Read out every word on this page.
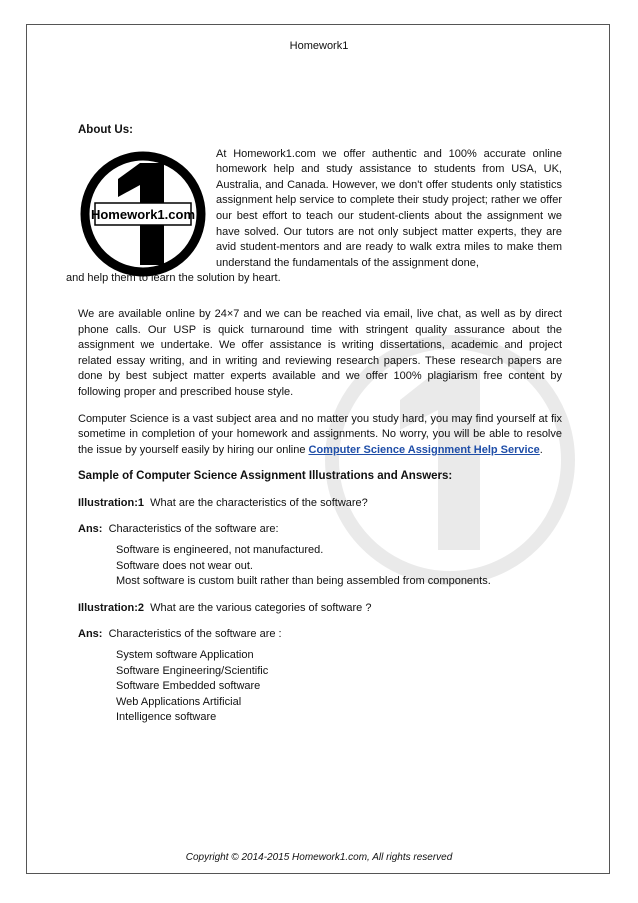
Homework1
About Us:
Homework1.com

At Homework1.com we offer authentic and 100% accurate online homework help and study assistance to students from USA, UK, Australia, and Canada. However, we don't offer students only statistics assignment help service to complete their study project; rather we offer our best effort to teach our student-clients about the assignment we have solved. Our tutors are not only subject matter experts, they are avid student-mentors and are ready to walk extra miles to make them understand the fundamentals of the assignment done,

and help them to learn the solution by heart.

We are available online by 24×7 and we can be reached via email, live chat, as well as by direct phone calls. Our USP is quick turnaround time with stringent quality assurance about the assignment we undertake. We offer assistance is writing dissertations, academic and project related essay writing, and in writing and reviewing research papers. These research papers are done by best subject matter experts available and we offer 100% plagiarism free content by following proper and prescribed house style.

Computer Science is a vast subject area and no matter you study hard, you may find yourself at fix sometime in completion of your homework and assignments. No worry, you will be able to resolve the issue by yourself easily by hiring our online Computer Science Assignment Help Service.

Sample of Computer Science Assignment Illustrations and Answers:

Illustration:1 What are the characteristics of the software?

Ans: Characteristics of the software are:

Software is engineered, not manufactured.
Software does not wear out.
Most software is custom built rather than being assembled from components.

Illustration:2 What are the various categories of software ?

Ans: Characteristics of the software are :

System software Application
Software Engineering/Scientific
Software Embedded software
Web Applications Artificial
Intelligence software
Copyright © 2014-2015 Homework1.com, All rights reserved
